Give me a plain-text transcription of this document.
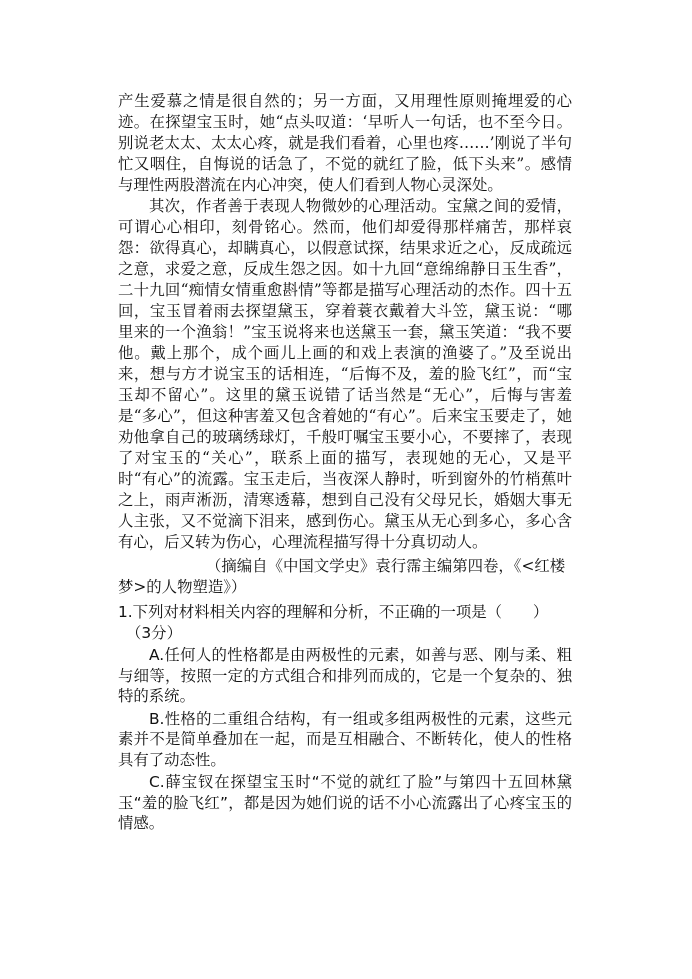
产生爱慕之情是很自然的；另一方面，又用理性原则掩埋爱的心迹。在探望宝玉时，她“点头叹道：‘早听人一句话，也不至今日。别说老太太、太太心疼，就是我们看着，心里也疼……’刚说了半句忙又咽住，自悔说的话急了，不觉的就红了脸，低下头来”。感情与理性两股潜流在内心冲突，使人们看到人物心灵深处。

其次，作者善于表现人物微妙的心理活动。宝黛之间的爱情，可谓心心相印，刻骨铭心。然而，他们却爱得那样痛苦，那样哀怨：欲得真心，却瞒真心，以假意试探，结果求近之心，反成疏远之意，求爱之意，反成生怨之因。如十九回“意绵绵静日玉生香”，二十九回“痴情女情重愈斟情”等都是描写心理活动的杰作。四十五回，宝玉冒着雨去探望黛玉，穿着蓑衣戴着大斗笠，黛玉说：“哪里来的一个渔翁！”宝玉说将来也送黛玉一套，黛玉笑道：“我不要他。戴上那个，成个画儿上画的和戏上表演的渔婆了。”及至说出来，想与方才说宝玉的话相连，“后悔不及，羞的脸飞红”，而“宝玉却不留心”。这里的黛玉说错了话当然是“无心”，后悔与害羞是“多心”，但这种害羞又包含着她的“有心”。后来宝玉要走了，她劝他拿自己的玻璃绣球灯，千般叮嘱宝玉要小心，不要摔了，表现了对宝玉的“关心”，联系上面的描写，表现她的无心，又是平时“有心”的流露。宝玉走后，当夜深人静时，听到窗外的竹梢蕉叶之上，雨声淅沥，清寒透幕，想到自己没有父母兄长，婚姻大事无人主张，又不觉滴下泪来，感到伤心。黛玉从无心到多心，多心含有心，后又转为伤心，心理流程描写得十分真切动人。

（摘编自《中国文学史》袁行霈主编第四卷，《<红楼梦>的人物塑造》）

1.下列对材料相关内容的理解和分析，不正确的一项是（　　）
（3分）

A.任何人的性格都是由两极性的元素，如善与恶、刚与柔、粗与细等，按照一定的方式组合和排列而成的，它是一个复杂的、独特的系统。

B.性格的二重组合结构，有一组或多组两极性的元素，这些元素并不是简单叠加在一起，而是互相融合、不断转化，使人的性格具有了动态性。

C.薛宝钗在探望宝玉时“不觉的就红了脸”与第四十五回林黛玉“羞的脸飞红”，都是因为她们说的话不小心流露出了心疼宝玉的情感。
